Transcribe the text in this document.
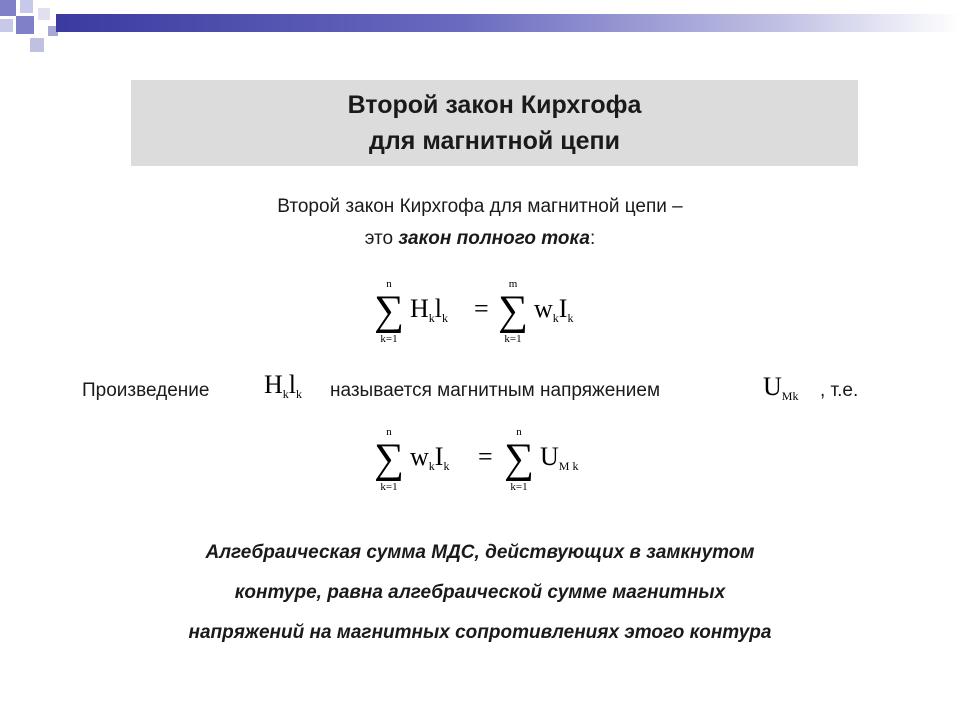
Второй закон Кирхгофа
для магнитной цепи
Второй закон Кирхгофа для магнитной цепи –
это закон полного тока:
n
∑
k=1
$H_kl_k$ =
m
∑
k=1
$w_kI_k$
Произведение $H_kl_k$ называется магнитным напряжением	$U_{Mk}$ , т.е.
n
∑
k=1
$w_kI_k$ =
n
∑
k=1
$U_{M k}$
Алгебраическая сумма МДС, действующих в замкнутом
контуре, равна алгебраической сумме магнитных
напряжений на магнитных сопротивлениях этого контура
